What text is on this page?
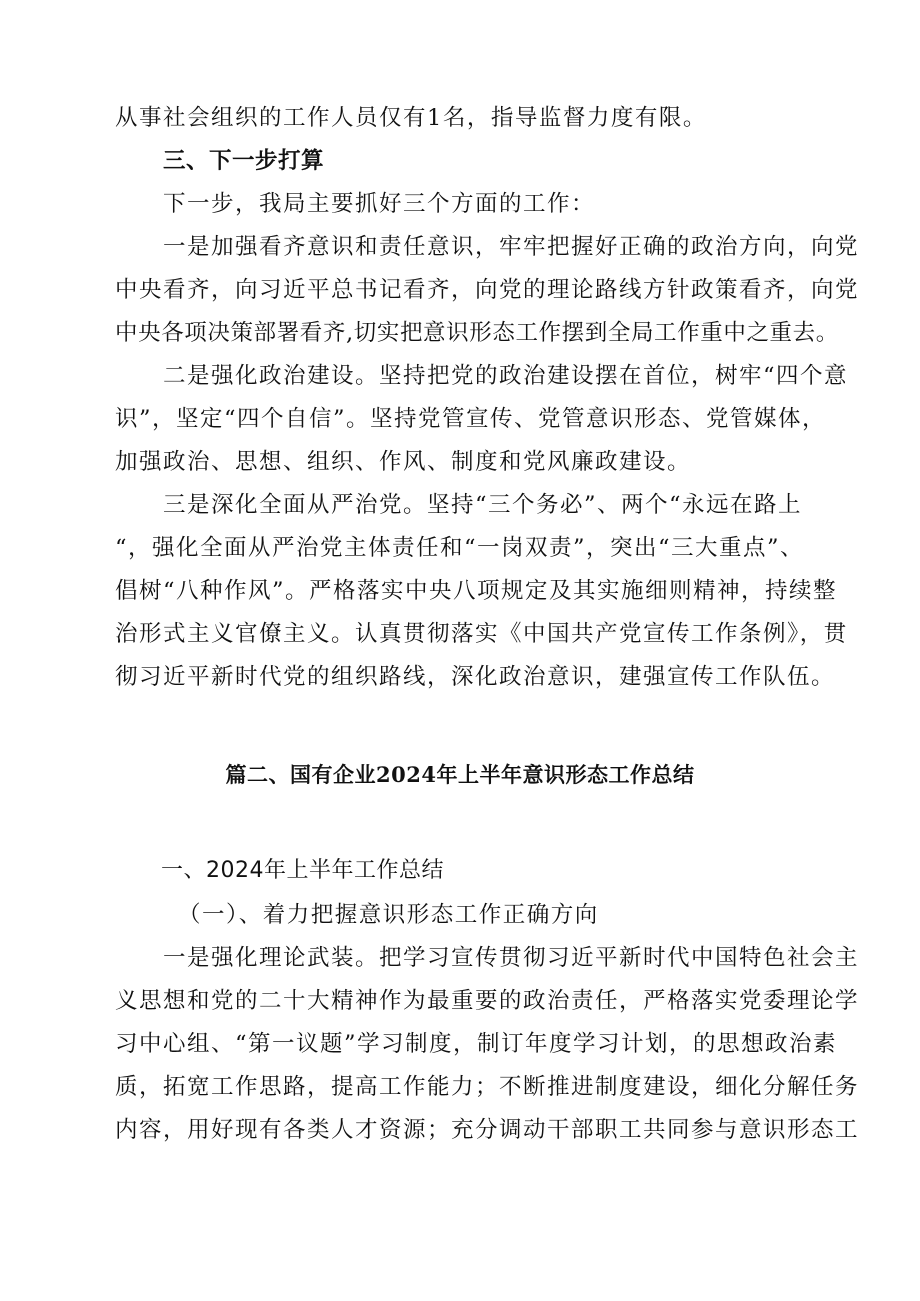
从事社会组织的工作人员仅有1名，指导监督力度有限。
三、下一步打算
下一步，我局主要抓好三个方面的工作：
一是加强看齐意识和责任意识，牢牢把握好正确的政治方向，向党
中央看齐，向习近平总书记看齐，向党的理论路线方针政策看齐，向党
中央各项决策部署看齐,切实把意识形态工作摆到全局工作重中之重去。
二是强化政治建设。坚持把党的政治建设摆在首位，树牢“四个意
识”，坚定“四个自信”。坚持党管宣传、党管意识形态、党管媒体，
加强政治、思想、组织、作风、制度和党风廉政建设。
三是深化全面从严治党。坚持“三个务必”、两个“永远在路上
“，强化全面从严治党主体责任和“一岗双责”，突出“三大重点”、
倡树“八种作风”。严格落实中央八项规定及其实施细则精神，持续整
治形式主义官僚主义。认真贯彻落实《中国共产党宣传工作条例》，贯
彻习近平新时代党的组织路线，深化政治意识，建强宣传工作队伍。
篇二、国有企业2024年上半年意识形态工作总结
一、2024年上半年工作总结
（一）、着力把握意识形态工作正确方向
一是强化理论武装。把学习宣传贯彻习近平新时代中国特色社会主
义思想和党的二十大精神作为最重要的政治责任，严格落实党委理论学
习中心组、“第一议题”学习制度，制订年度学习计划，的思想政治素
质，拓宽工作思路，提高工作能力；不断推进制度建设，细化分解任务
内容，用好现有各类人才资源；充分调动干部职工共同参与意识形态工
